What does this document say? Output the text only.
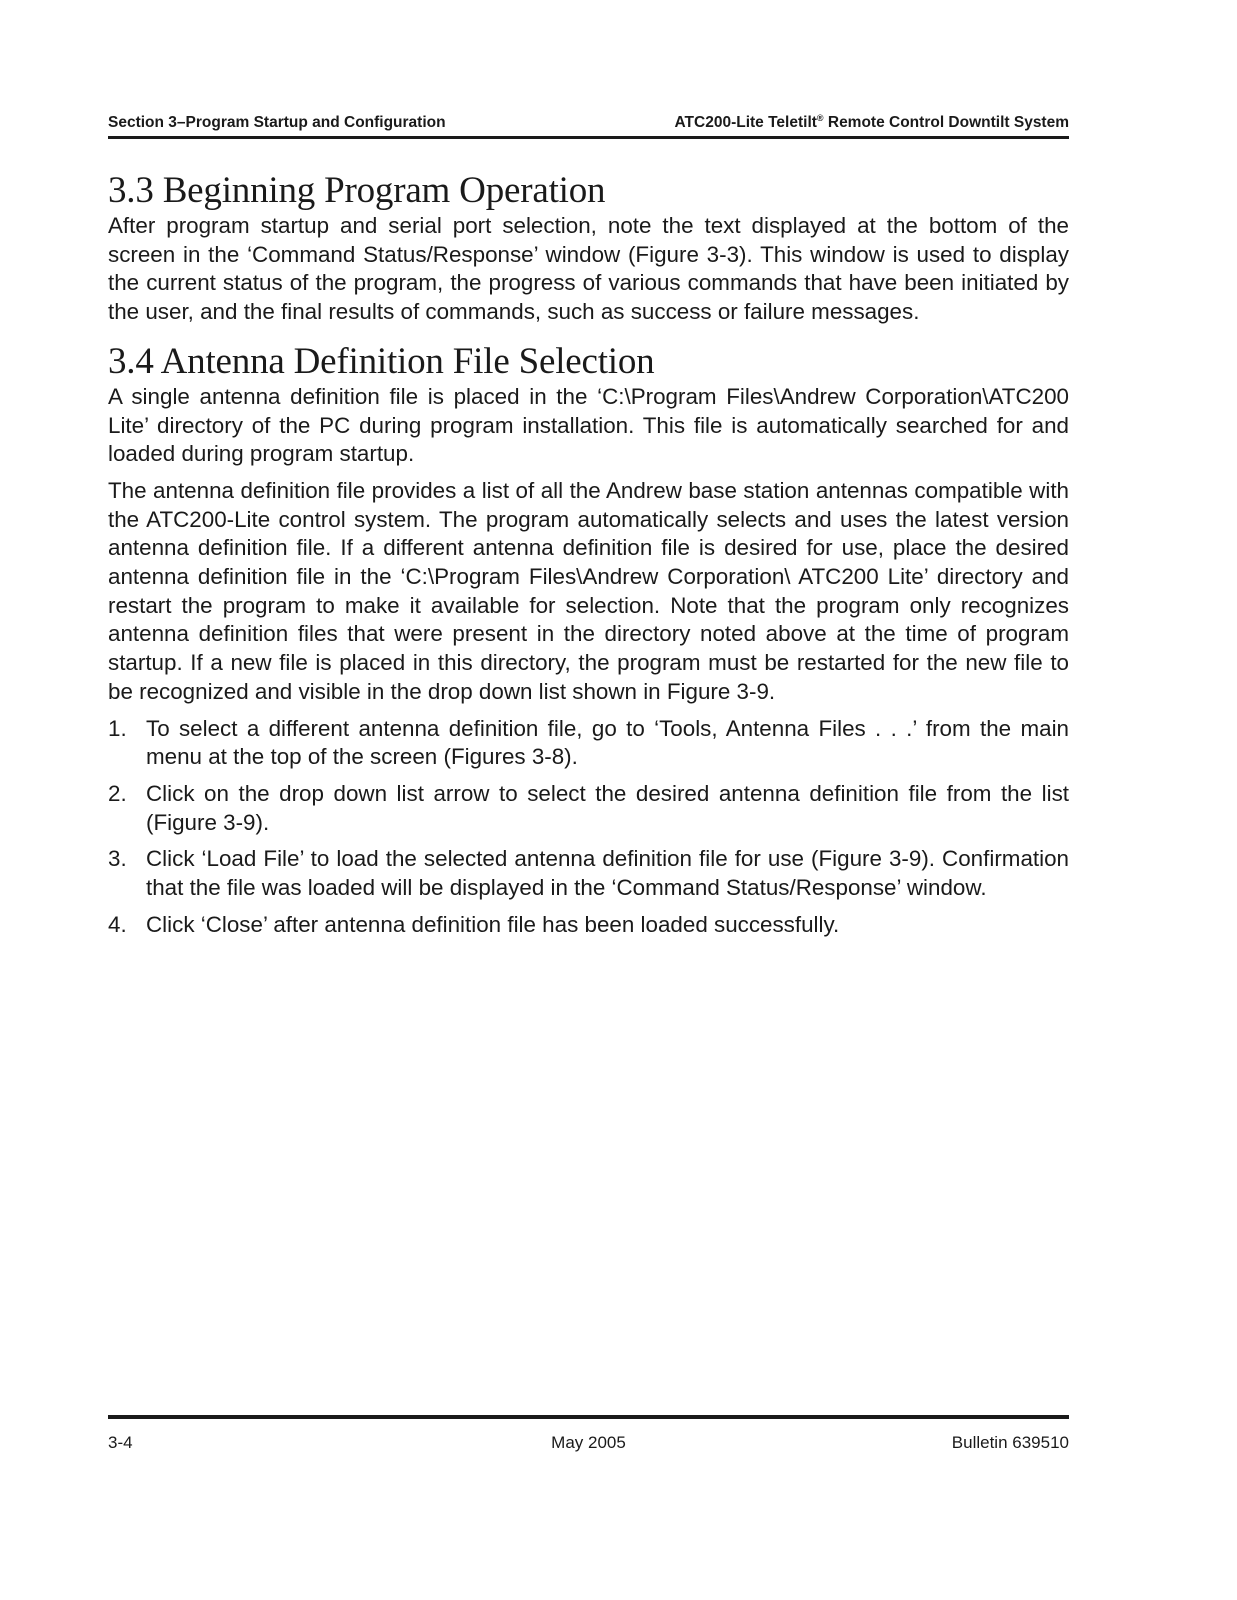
Section 3–Program Startup and Configuration	ATC200-Lite Teletilt® Remote Control Downtilt System
3.3 Beginning Program Operation

After program startup and serial port selection, note the text displayed at the bottom of the screen in the ‘Command Status/Response’ window (Figure 3-3). This window is used to display the current status of the program, the progress of various commands that have been initiated by the user, and the final results of commands, such as success or failure messages.

3.4 Antenna Definition File Selection

A single antenna definition file is placed in the ‘C:\Program Files\Andrew Corporation\ATC200 Lite’ directory of the PC during program installation. This file is automatically searched for and loaded during program startup.

The antenna definition file provides a list of all the Andrew base station antennas compatible with the ATC200-Lite control system. The program automatically selects and uses the latest version antenna definition file. If a different antenna definition file is desired for use, place the desired antenna definition file in the ‘C:\Program Files\Andrew Corporation\ ATC200 Lite’ directory and restart the program to make it available for selection. Note that the program only recognizes antenna definition files that were present in the directory noted above at the time of program startup. If a new file is placed in this directory, the program must be restarted for the new file to be recognized and visible in the drop down list shown in Figure 3-9.

1. To select a different antenna definition file, go to ‘Tools, Antenna Files . . .’ from the main menu at the top of the screen (Figures 3-8).
2. Click on the drop down list arrow to select the desired antenna definition file from the list (Figure 3-9).
3. Click ‘Load File’ to load the selected antenna definition file for use (Figure 3-9). Confirmation that the file was loaded will be displayed in the ‘Command Status/Response’ window.
4. Click ‘Close’ after antenna definition file has been loaded successfully.
3-4	May 2005	Bulletin 639510
